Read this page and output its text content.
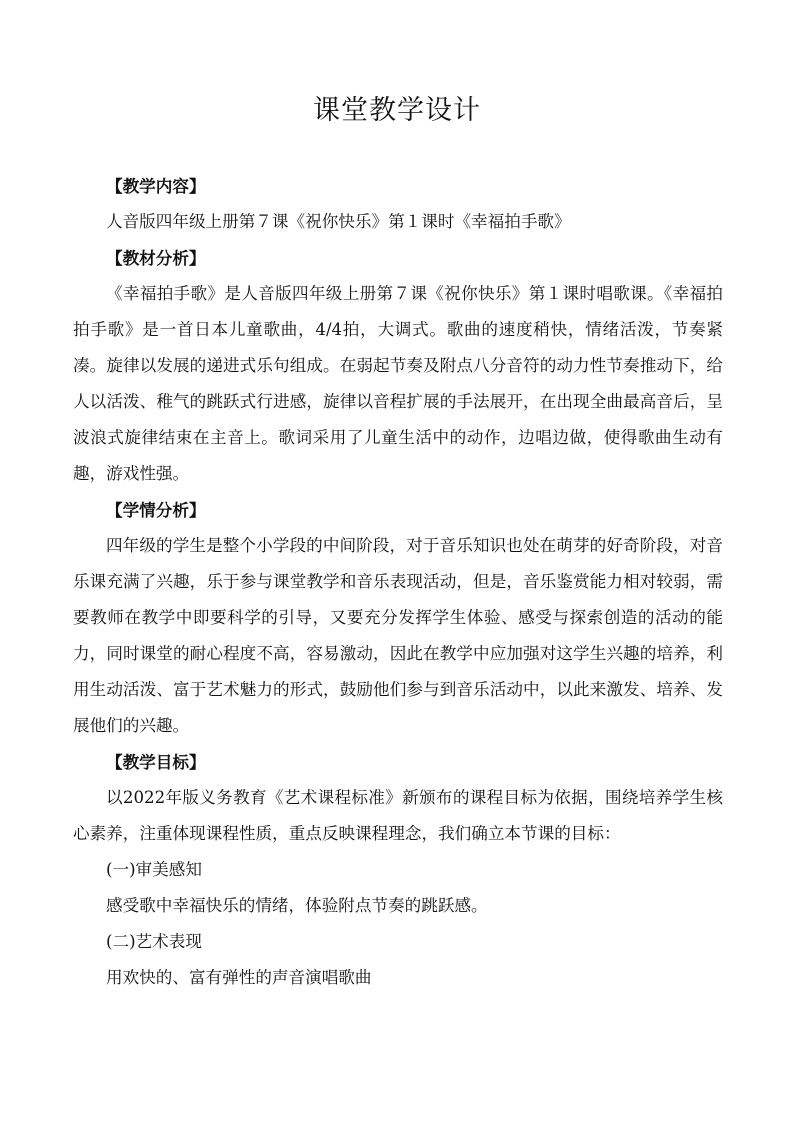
课堂教学设计

【教学内容】

人音版四年级上册第７课《祝你快乐》第１课时《幸福拍手歌》

【教材分析】

《幸福拍手歌》是人音版四年级上册第７课《祝你快乐》第１课时唱歌课。《幸福拍拍手歌》是一首日本儿童歌曲，4/4拍，大调式。歌曲的速度稍快，情绪活泼，节奏紧凑。旋律以发展的递进式乐句组成。在弱起节奏及附点八分音符的动力性节奏推动下，给人以活泼、稚气的跳跃式行进感，旋律以音程扩展的手法展开，在出现全曲最高音后，呈波浪式旋律结束在主音上。歌词采用了儿童生活中的动作，边唱边做，使得歌曲生动有趣，游戏性强。

【学情分析】

四年级的学生是整个小学段的中间阶段，对于音乐知识也处在萌芽的好奇阶段，对音乐课充满了兴趣，乐于参与课堂教学和音乐表现活动，但是，音乐鉴赏能力相对较弱，需要教师在教学中即要科学的引导，又要充分发挥学生体验、感受与探索创造的活动的能力，同时课堂的耐心程度不高，容易激动，因此在教学中应加强对这学生兴趣的培养，利用生动活泼、富于艺术魅力的形式，鼓励他们参与到音乐活动中，以此来激发、培养、发展他们的兴趣。

【教学目标】

以2022年版义务教育《艺术课程标准》新颁布的课程目标为依据，围绕培养学生核心素养，注重体现课程性质，重点反映课程理念，我们确立本节课的目标：

(一)审美感知

感受歌中幸福快乐的情绪，体验附点节奏的跳跃感。

(二)艺术表现

用欢快的、富有弹性的声音演唱歌曲
